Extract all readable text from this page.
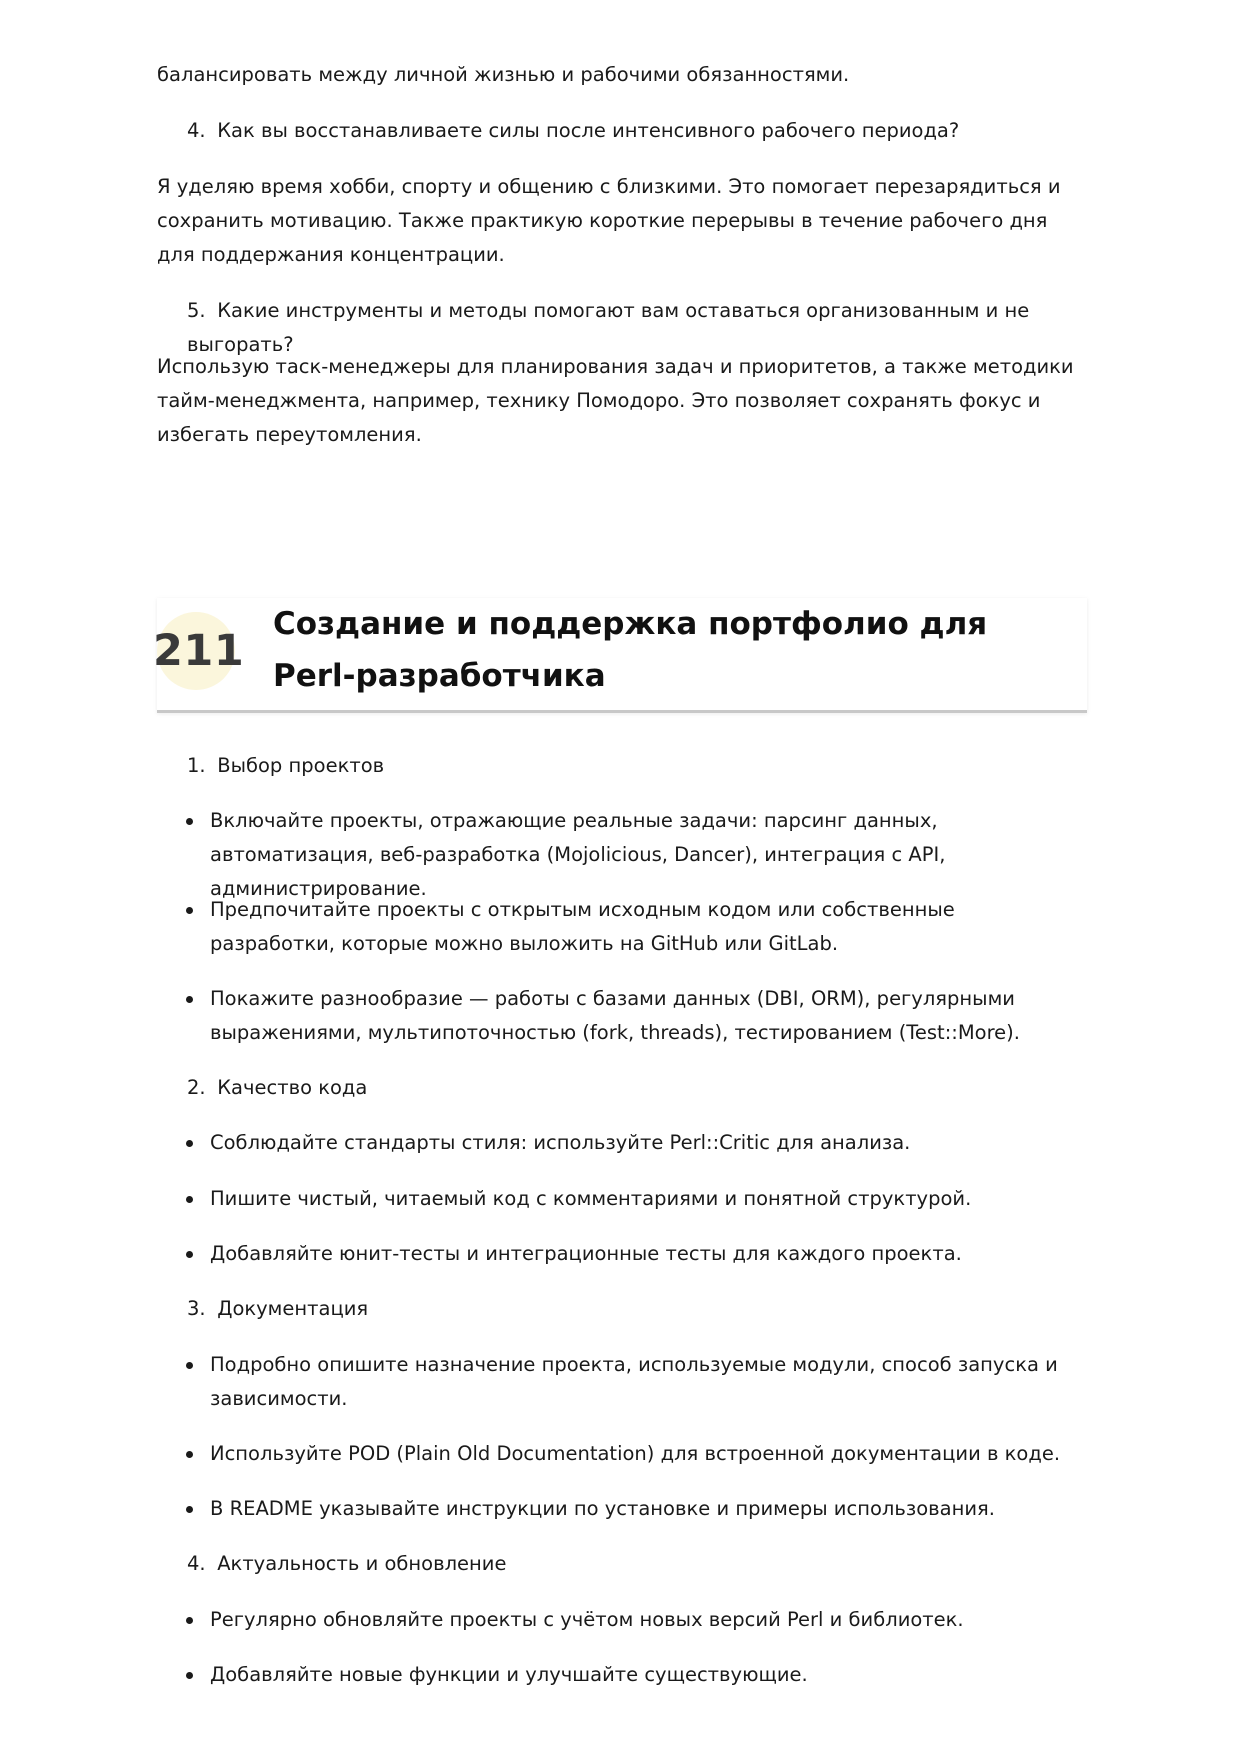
балансировать между личной жизнью и рабочими обязанностями.

4. Как вы восстанавливаете силы после интенсивного рабочего периода?

Я уделяю время хобби, спорту и общению с близкими. Это помогает перезарядиться и сохранить мотивацию. Также практикую короткие перерывы в течение рабочего дня для поддержания концентрации.

5. Какие инструменты и методы помогают вам оставаться организованным и не выгорать?

Использую таск-менеджеры для планирования задач и приоритетов, а также методики тайм-менеджмента, например, технику Помодоро. Это позволяет сохранять фокус и избегать переутомления.

211
Создание и поддержка портфолио для Perl-разработчика

1. Выбор проектов

Включайте проекты, отражающие реальные задачи: парсинг данных, автоматизация, веб-разработка (Mojolicious, Dancer), интеграция с API, администрирование.

Предпочитайте проекты с открытым исходным кодом или собственные разработки, которые можно выложить на GitHub или GitLab.

Покажите разнообразие — работы с базами данных (DBI, ORM), регулярными выражениями, мультипоточностью (fork, threads), тестированием (Test::More).

2. Качество кода

Соблюдайте стандарты стиля: используйте Perl::Critic для анализа.

Пишите чистый, читаемый код с комментариями и понятной структурой.

Добавляйте юнит-тесты и интеграционные тесты для каждого проекта.

3. Документация

Подробно опишите назначение проекта, используемые модули, способ запуска и зависимости.

Используйте POD (Plain Old Documentation) для встроенной документации в коде.

В README указывайте инструкции по установке и примеры использования.

4. Актуальность и обновление

Регулярно обновляйте проекты с учётом новых версий Perl и библиотек.

Добавляйте новые функции и улучшайте существующие.
